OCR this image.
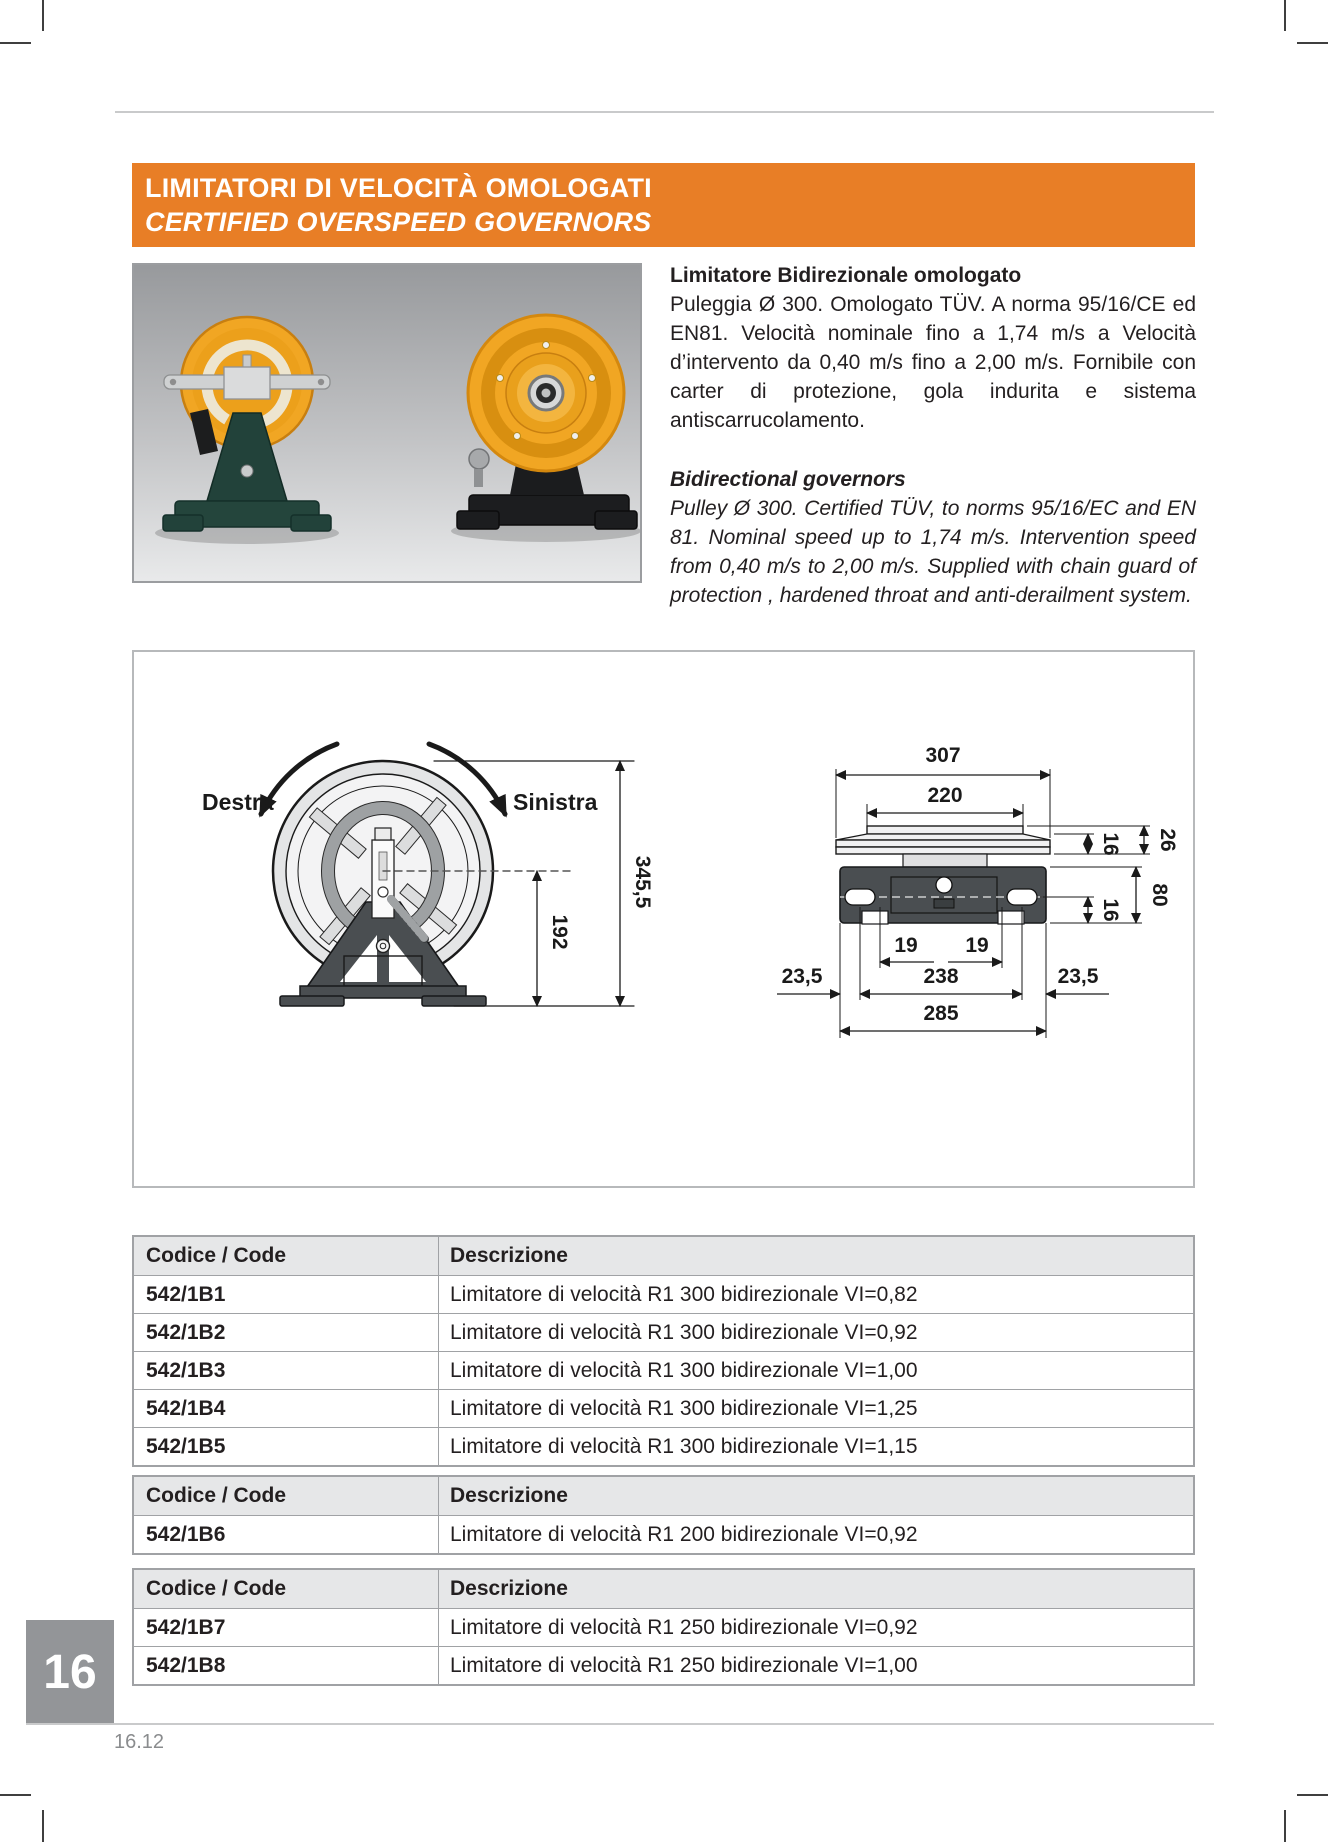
LIMITATORI DI VELOCITÀ OMOLOGATI
CERTIFIED OVERSPEED GOVERNORS
Limitatore Bidirezionale omologato
Puleggia Ø 300. Omologato TÜV. A norma 95/16/CE ed EN81. Velocità nominale fino a 1,74 m/s a Velocità d’intervento da 0,40 m/s fino a 2,00 m/s. Fornibile con carter di protezione, gola indurita e sistema antiscarrucolamento.
Bidirectional governors
Pulley Ø 300. Certified TÜV, to norms 95/16/EC and EN 81. Nominal speed up to 1,74 m/s. Intervention speed from 0,40 m/s to 2,00 m/s. Supplied with chain guard of protection , hardened throat and anti-derailment system.
Destra	Sinistra
192
345,5
307
220
26
16
80
16
19 19
23,5	238	23,5
285
Codice / Code	Descrizione
542/1B1	Limitatore di velocità R1 300 bidirezionale VI=0,82
542/1B2	Limitatore di velocità R1 300 bidirezionale VI=0,92
542/1B3	Limitatore di velocità R1 300 bidirezionale VI=1,00
542/1B4	Limitatore di velocità R1 300 bidirezionale VI=1,25
542/1B5	Limitatore di velocità R1 300 bidirezionale VI=1,15
Codice / Code	Descrizione
542/1B6	Limitatore di velocità R1 200 bidirezionale VI=0,92
Codice / Code	Descrizione
542/1B7	Limitatore di velocità R1 250 bidirezionale VI=0,92
542/1B8	Limitatore di velocità R1 250 bidirezionale VI=1,00
16
16.12
